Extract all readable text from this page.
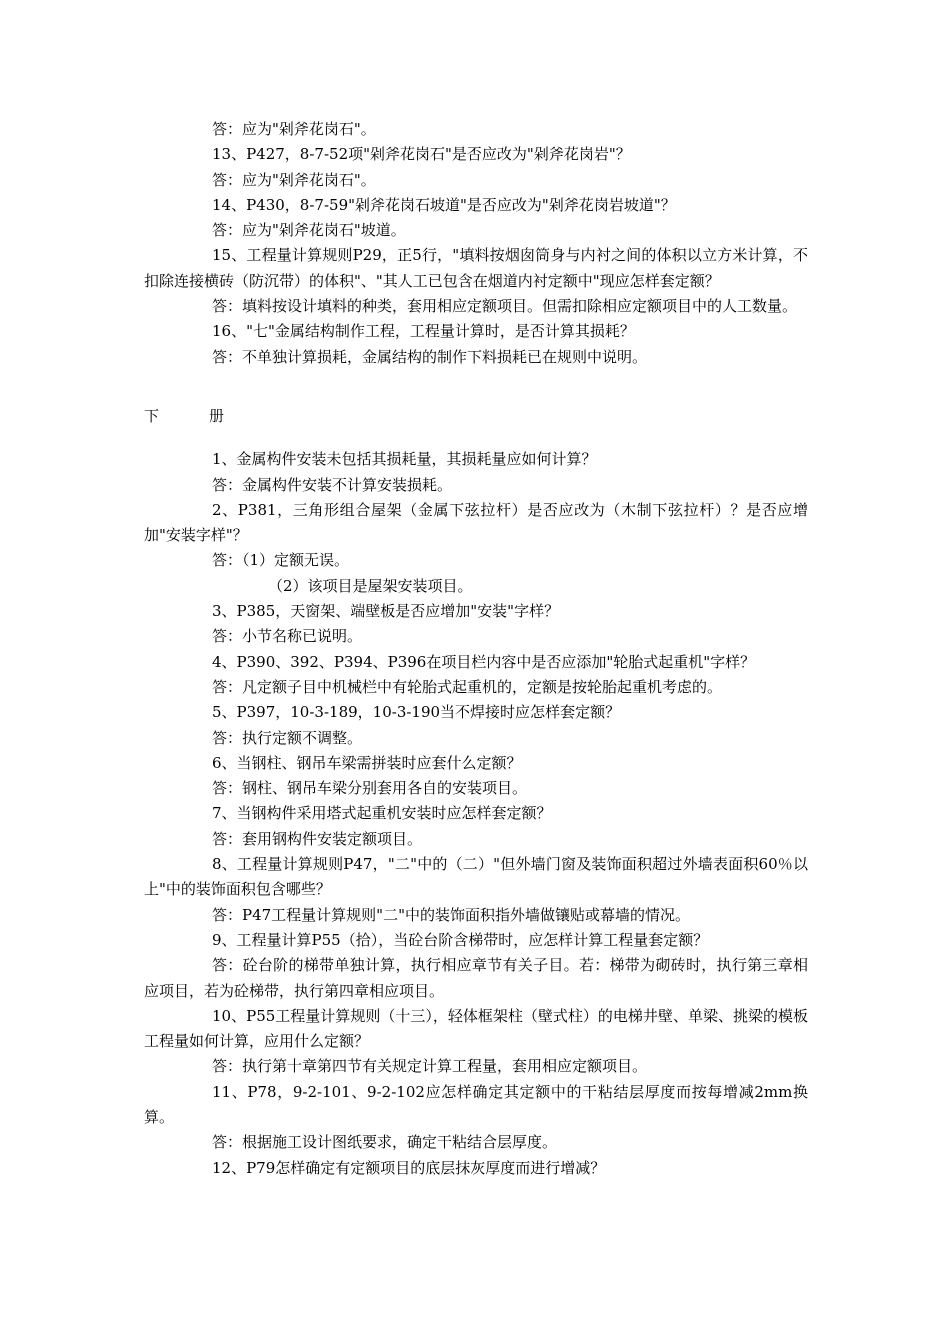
答：应为"剁斧花岗石"。

13、P427，8-7-52项"剁斧花岗石"是否应改为"剁斧花岗岩"？

答：应为"剁斧花岗石"。

14、P430，8-7-59"剁斧花岗石坡道"是否应改为"剁斧花岗岩坡道"？

答：应为"剁斧花岗石"坡道。

15、工程量计算规则P29，正5行，"填料按烟囱筒身与内衬之间的体积以立方米计算，不扣除连接横砖（防沉带）的体积"、"其人工已包含在烟道内衬定额中"现应怎样套定额？

答：填料按设计填料的种类，套用相应定额项目。但需扣除相应定额项目中的人工数量。

16、"七"金属结构制作工程，工程量计算时，是否计算其损耗？

答：不单独计算损耗，金属结构的制作下料损耗已在规则中说明。

下	册

1、金属构件安装未包括其损耗量，其损耗量应如何计算？

答：金属构件安装不计算安装损耗。

2、P381，三角形组合屋架（金属下弦拉杆）是否应改为（木制下弦拉杆）？是否应增加"安装字样"？

答：（1）定额无误。

（2）该项目是屋架安装项目。

3、P385，天窗架、端壁板是否应增加"安装"字样？

答：小节名称已说明。

4、P390、392、P394、P396在项目栏内容中是否应添加"轮胎式起重机"字样？

答：凡定额子目中机械栏中有轮胎式起重机的，定额是按轮胎起重机考虑的。

5、P397，10-3-189，10-3-190当不焊接时应怎样套定额？

答：执行定额不调整。

6、当钢柱、钢吊车梁需拼装时应套什么定额？

答：钢柱、钢吊车梁分别套用各自的安装项目。

7、当钢构件采用塔式起重机安装时应怎样套定额？

答：套用钢构件安装定额项目。

8、工程量计算规则P47，"二"中的（二）"但外墙门窗及装饰面积超过外墙表面积60％以上"中的装饰面积包含哪些？

答：P47工程量计算规则"二"中的装饰面积指外墙做镶贴或幕墙的情况。

9、工程量计算P55（拾），当砼台阶含梯带时，应怎样计算工程量套定额？

答：砼台阶的梯带单独计算，执行相应章节有关子目。若：梯带为砌砖时，执行第三章相应项目，若为砼梯带，执行第四章相应项目。

10、P55工程量计算规则（十三），轻体框架柱（壁式柱）的电梯井壁、单梁、挑梁的模板工程量如何计算，应用什么定额？

答：执行第十章第四节有关规定计算工程量，套用相应定额项目。

11、P78，9-2-101、9-2-102应怎样确定其定额中的干粘结层厚度而按每增减2mm换算。

答：根据施工设计图纸要求，确定干粘结合层厚度。

12、P79怎样确定有定额项目的底层抹灰厚度而进行增减？
